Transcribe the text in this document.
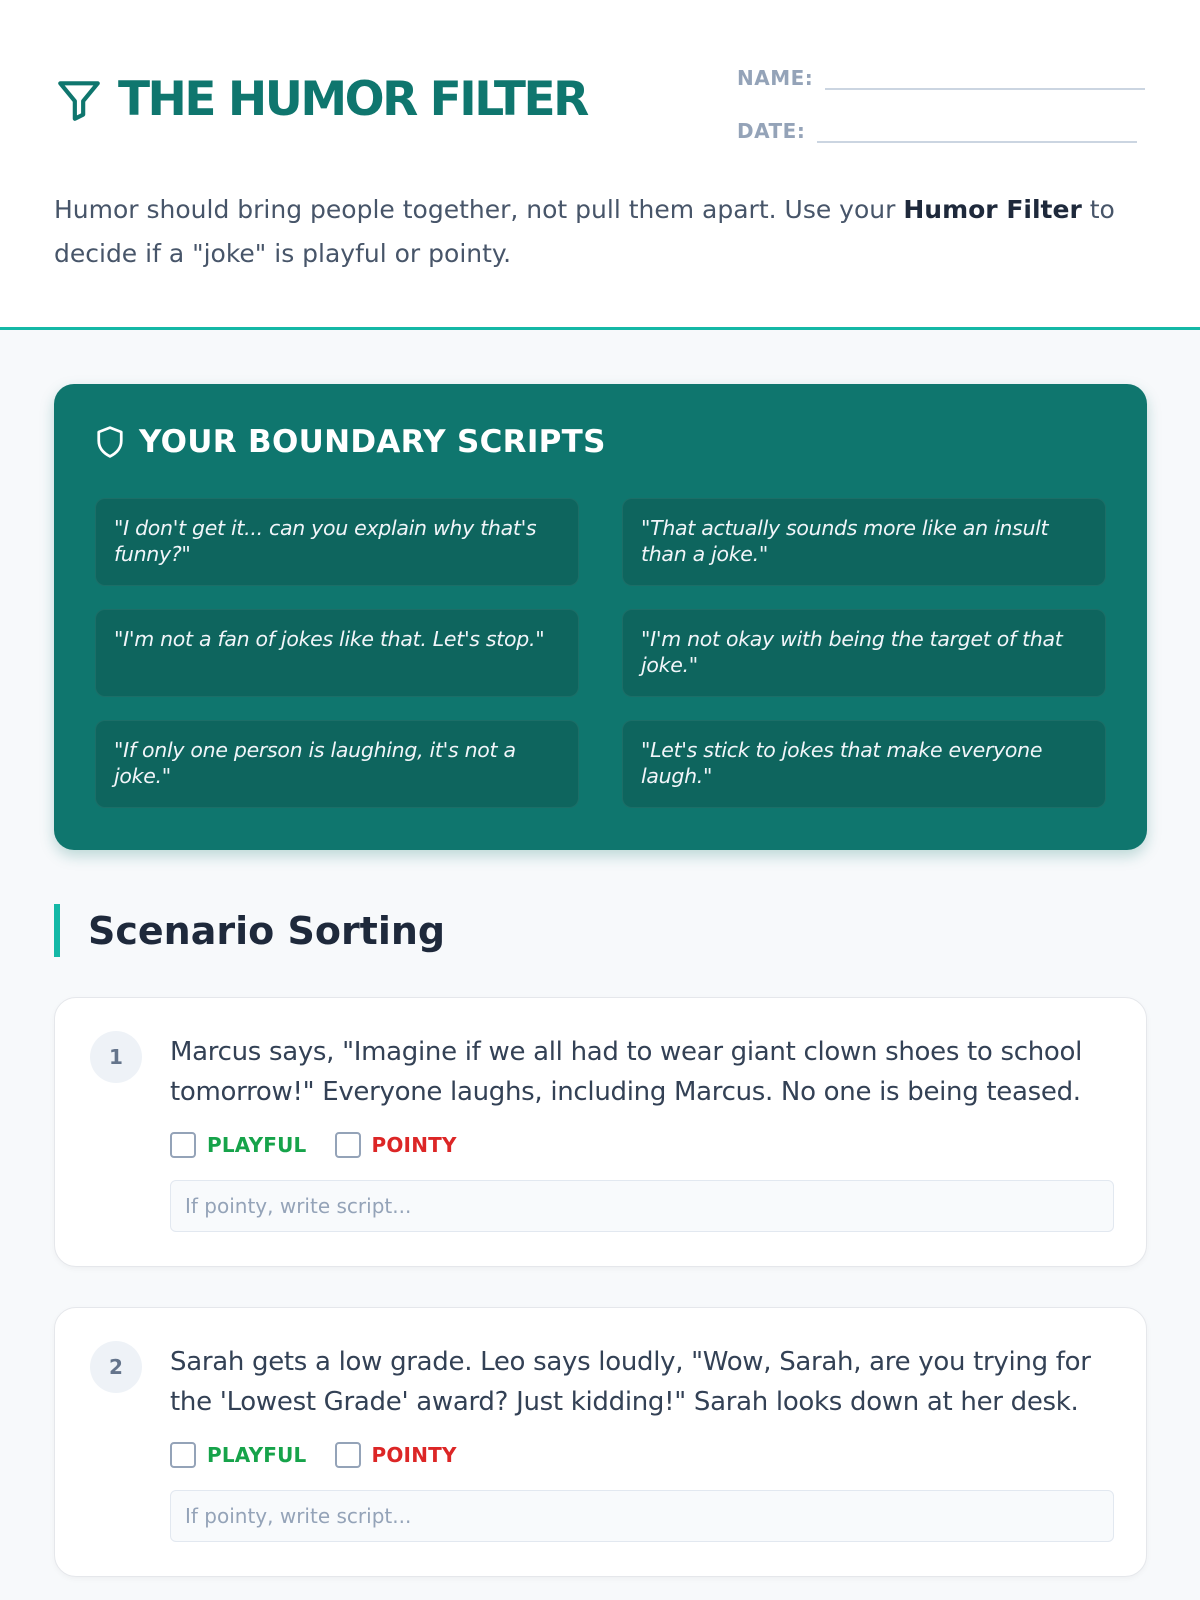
THE HUMOR FILTER	NAME:
DATE:

Humor should bring people together, not pull them apart. Use your Humor Filter to decide if a "joke" is playful or pointy.

YOUR BOUNDARY SCRIPTS
"I don't get it... can you explain why that's funny?"
"That actually sounds more like an insult than a joke."
"I'm not a fan of jokes like that. Let's stop."	"I'm not okay with being the target of that joke."
"If only one person is laughing, it's not a joke."
"Let's stick to jokes that make everyone laugh."
Scenario Sorting
1	Marcus says, "Imagine if we all had to wear giant clown shoes to school tomorrow!" Everyone laughs, including Marcus. No one is being teased.

PLAYFUL	POINTY
If pointy, write script...
2	Sarah gets a low grade. Leo says loudly, "Wow, Sarah, are you trying for the 'Lowest Grade' award? Just kidding!" Sarah looks down at her desk.

PLAYFUL	POINTY
If pointy, write script...
